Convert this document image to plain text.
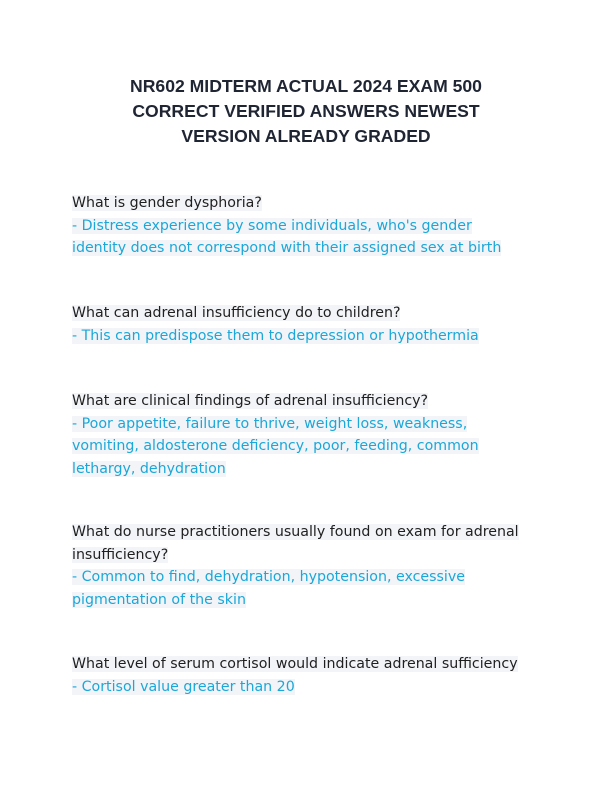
NR602 MIDTERM ACTUAL 2024 EXAM 500
CORRECT VERIFIED ANSWERS NEWEST
VERSION ALREADY GRADED
What is gender dysphoria?
- Distress experience by some individuals, who's gender
identity does not correspond with their assigned sex at birth
What can adrenal insufficiency do to children?
- This can predispose them to depression or hypothermia
What are clinical findings of adrenal insufficiency?
- Poor appetite, failure to thrive, weight loss, weakness,
vomiting, aldosterone deficiency, poor, feeding, common
lethargy, dehydration
What do nurse practitioners usually found on exam for adrenal
insufficiency?
- Common to find, dehydration, hypotension, excessive
pigmentation of the skin
What level of serum cortisol would indicate adrenal sufficiency
- Cortisol value greater than 20
